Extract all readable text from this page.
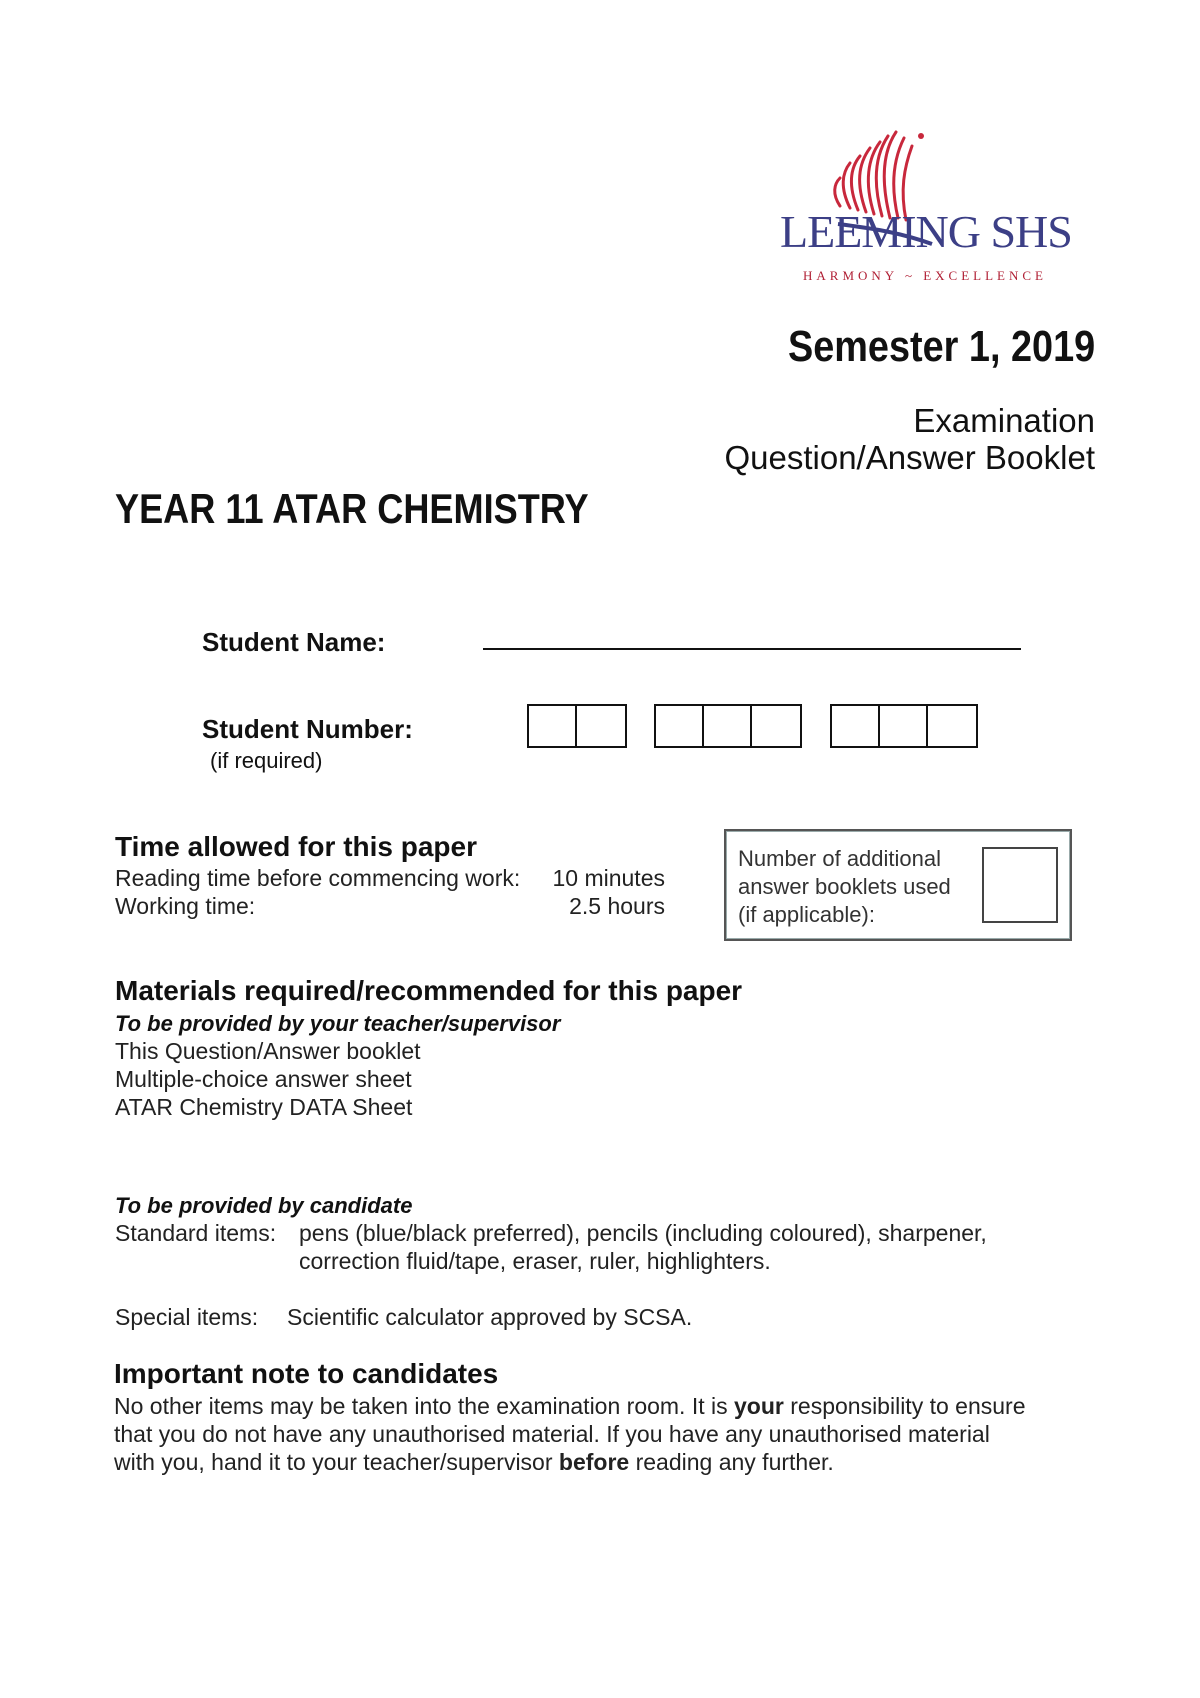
LEEMING SHS
HARMONY ~ EXCELLENCE
Semester 1, 2019
Examination
Question/Answer Booklet
YEAR 11 ATAR CHEMISTRY
Student Name:
Student Number:
(if required)
Time allowed for this paper
Reading time before commencing work: 10 minutes
Working time:	2.5 hours
Number of additional
answer booklets used
(if applicable):
Materials required/recommended for this paper
To be provided by your teacher/supervisor
This Question/Answer booklet
Multiple-choice answer sheet
ATAR Chemistry DATA Sheet
To be provided by candidate
Standard items: pens (blue/black preferred), pencils (including coloured), sharpener,
correction fluid/tape, eraser, ruler, highlighters.
Special items:	Scientific calculator approved by SCSA.
Important note to candidates
No other items may be taken into the examination room. It is your responsibility to ensure
that you do not have any unauthorised material. If you have any unauthorised material
with you, hand it to your teacher/supervisor before reading any further.
